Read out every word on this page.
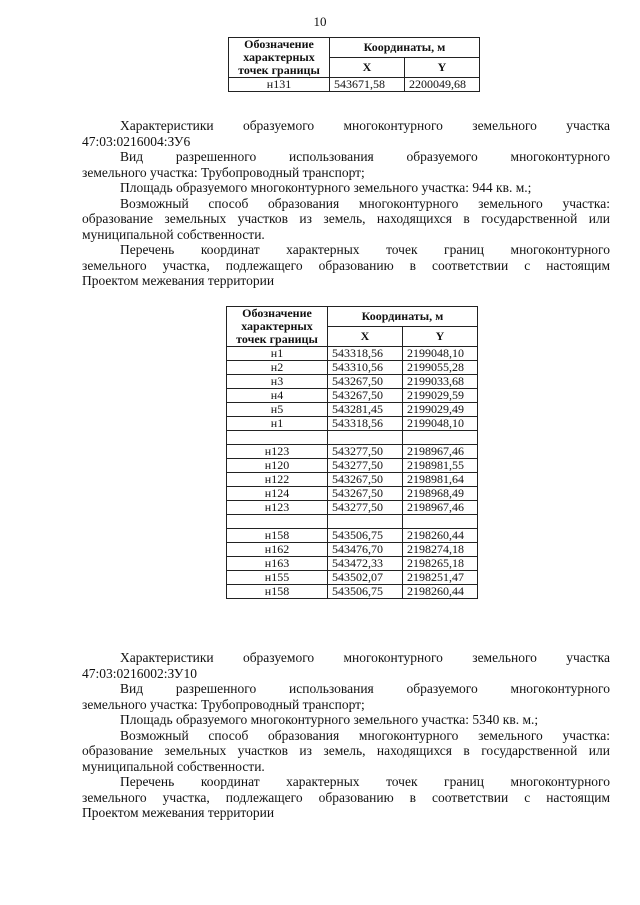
10
Обозначение характерных точек границы	Координаты, м	
	X	Y
н131	543671,58	2200049,68

Характеристики образуемого многоконтурного земельного участка

47:03:0216004:ЗУ6

Вид разрешенного использования образуемого многоконтурного

земельного участка: Трубопроводный транспорт;

Площадь образуемого многоконтурного земельного участка: 944 кв. м.;

Возможный способ образования многоконтурного земельного участка:

образование земельных участков из земель, находящихся в государственной или

муниципальной собственности.

Перечень координат характерных точек границ многоконтурного

земельного участка, подлежащего образованию в соответствии с настоящим

Проектом межевания территории

Обозначение характерных точек границы	Координаты, м	
	X	Y
н1	543318,56	2199048,10
н2	543310,56	2199055,28
н3	543267,50	2199033,68
н4	543267,50	2199029,59
н5	543281,45	2199029,49
н1	543318,56	2199048,10

н123	543277,50	2198967,46
н120	543277,50	2198981,55
н122	543267,50	2198981,64
н124	543267,50	2198968,49
н123	543277,50	2198967,46

н158	543506,75	2198260,44
н162	543476,70	2198274,18
н163	543472,33	2198265,18
н155	543502,07	2198251,47
н158	543506,75	2198260,44

Характеристики образуемого многоконтурного земельного участка

47:03:0216002:ЗУ10

Вид разрешенного использования образуемого многоконтурного

земельного участка: Трубопроводный транспорт;

Площадь образуемого многоконтурного земельного участка: 5340 кв. м.;

Возможный способ образования многоконтурного земельного участка:

образование земельных участков из земель, находящихся в государственной или

муниципальной собственности.

Перечень координат характерных точек границ многоконтурного

земельного участка, подлежащего образованию в соответствии с настоящим

Проектом межевания территории
